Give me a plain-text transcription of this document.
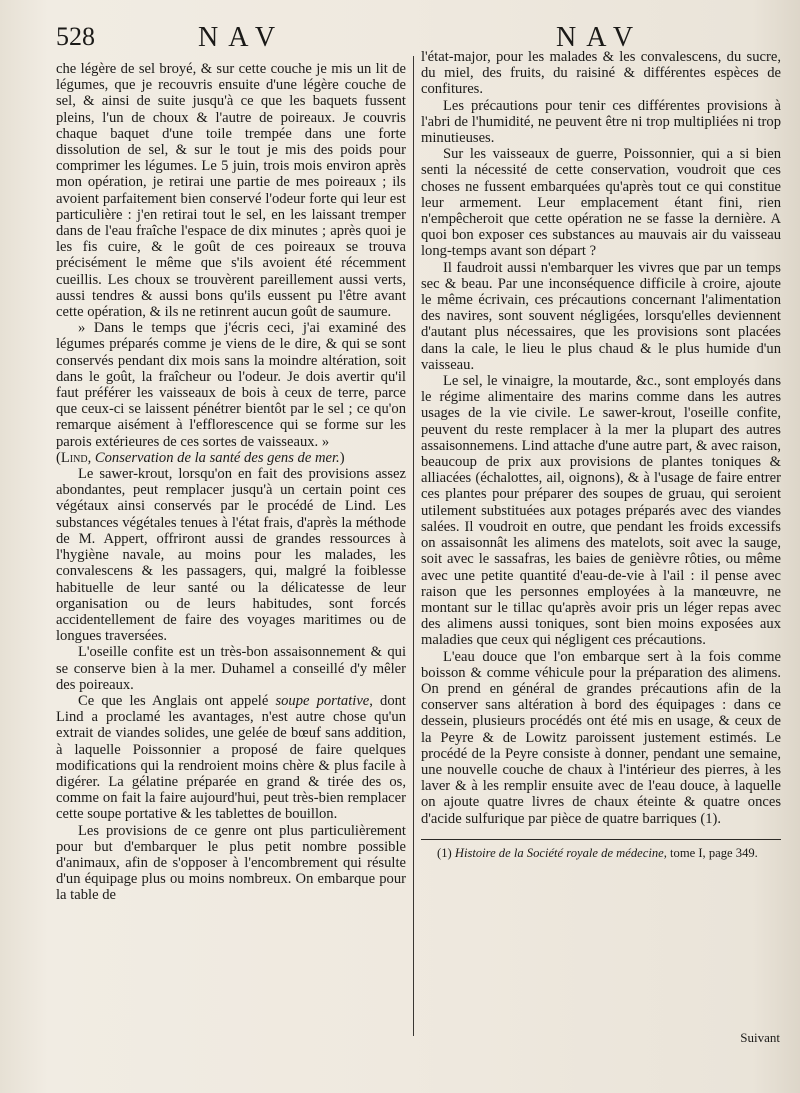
528	NAV	NAV

che légère de sel broyé, & sur cette couche je mis un lit de légumes, que je recouvris ensuite d'une légère couche de sel, & ainsi de suite jusqu'à ce que les baquets fussent pleins, l'un de choux & l'autre de poireaux. Je couvris chaque baquet d'une toile trempée dans une forte dissolution de sel, & sur le tout je mis des poids pour comprimer les légumes. Le 5 juin, trois mois environ après mon opération, je retirai une partie de mes poireaux ; ils avoient parfaitement bien conservé l'odeur forte qui leur est particulière : j'en retirai tout le sel, en les laissant tremper dans de l'eau fraîche l'espace de dix minutes ; après quoi je les fis cuire, & le goût de ces poireaux se trouva précisément le même que s'ils avoient été récemment cueillis. Les choux se trouvèrent pareillement aussi verts, aussi tendres & aussi bons qu'ils eussent pu l'être avant cette opération, & ils ne retinrent aucun goût de saumure.

» Dans le temps que j'écris ceci, j'ai examiné des légumes préparés comme je viens de le dire, & qui se sont conservés pendant dix mois sans la moindre altération, soit dans le goût, la fraîcheur ou l'odeur. Je dois avertir qu'il faut préférer les vaisseaux de bois à ceux de terre, parce que ceux-ci se laissent pénétrer bientôt par le sel ; ce qu'on remarque aisément à l'efflorescence qui se forme sur les parois extérieures de ces sortes de vaisseaux. »

(Lind, Conservation de la santé des gens de mer.)

Le sawer-krout, lorsqu'on en fait des provisions assez abondantes, peut remplacer jusqu'à un certain point ces végétaux ainsi conservés par le procédé de Lind. Les substances végétales tenues à l'état frais, d'après la méthode de M. Appert, offriront aussi de grandes ressources à l'hygiène navale, au moins pour les malades, les convalescens & les passagers, qui, malgré la foiblesse habituelle de leur santé ou la délicatesse de leur organisation ou de leurs habitudes, sont forcés accidentellement de faire des voyages maritimes ou de longues traversées.

L'oseille confite est un très-bon assaisonnement & qui se conserve bien à la mer. Duhamel a conseillé d'y mêler des poireaux.

Ce que les Anglais ont appelé soupe portative, dont Lind a proclamé les avantages, n'est autre chose qu'un extrait de viandes solides, une gelée de bœuf sans addition, à laquelle Poissonnier a proposé de faire quelques modifications qui la rendroient moins chère & plus facile à digérer. La gélatine préparée en grand & tirée des os, comme on fait la faire aujourd'hui, peut très-bien remplacer cette soupe portative & les tablettes de bouillon.

Les provisions de ce genre ont plus particulièrement pour but d'embarquer le plus petit nombre possible d'animaux, afin de s'opposer à l'encombrement qui résulte d'un équipage plus ou moins nombreux. On embarque pour la table de

l'état-major, pour les malades & les convalescens, du sucre, du miel, des fruits, du raisiné & différentes espèces de confitures.

Les précautions pour tenir ces différentes provisions à l'abri de l'humidité, ne peuvent être ni trop multipliées ni trop minutieuses.

Sur les vaisseaux de guerre, Poissonnier, qui a si bien senti la nécessité de cette conservation, voudroit que ces choses ne fussent embarquées qu'après tout ce qui constitue leur armement. Leur emplacement étant fini, rien n'empêcheroit que cette opération ne se fasse la dernière. A quoi bon exposer ces substances au mauvais air du vaisseau long-temps avant son départ ?

Il faudroit aussi n'embarquer les vivres que par un temps sec & beau. Par une inconséquence difficile à croire, ajoute le même écrivain, ces précautions concernant l'alimentation des navires, sont souvent négligées, lorsqu'elles deviennent d'autant plus nécessaires, que les provisions sont placées dans la cale, le lieu le plus chaud & le plus humide d'un vaisseau.

Le sel, le vinaigre, la moutarde, &c., sont employés dans le régime alimentaire des marins comme dans les autres usages de la vie civile. Le sawer-krout, l'oseille confite, peuvent du reste remplacer à la mer la plupart des autres assaisonnemens. Lind attache d'une autre part, & avec raison, beaucoup de prix aux provisions de plantes toniques & alliacées (échalottes, ail, oignons), & à l'usage de faire entrer ces plantes pour préparer des soupes de gruau, qui seroient utilement substituées aux potages préparés avec des viandes salées. Il voudroit en outre, que pendant les froids excessifs on assaisonnât les alimens des matelots, soit avec la sauge, soit avec le sassafras, les baies de genièvre rôties, ou même avec une petite quantité d'eau-de-vie à l'ail : il pense avec raison que les personnes employées à la manœuvre, ne montant sur le tillac qu'après avoir pris un léger repas avec des alimens aussi toniques, sont bien moins exposées aux maladies que ceux qui négligent ces précautions.

L'eau douce que l'on embarque sert à la fois comme boisson & comme véhicule pour la préparation des alimens. On prend en général de grandes précautions afin de la conserver sans altération à bord des équipages : dans ce dessein, plusieurs procédés ont été mis en usage, & ceux de la Peyre & de Lowitz paroissent justement estimés. Le procédé de la Peyre consiste à donner, pendant une semaine, une nouvelle couche de chaux à l'intérieur des pierres, à les laver & à les remplir ensuite avec de l'eau douce, à laquelle on ajoute quatre livres de chaux éteinte & quatre onces d'acide sulfurique par pièce de quatre barriques (1).

(1) Histoire de la Société royale de médecine, tome I, page 349.

Suivant
